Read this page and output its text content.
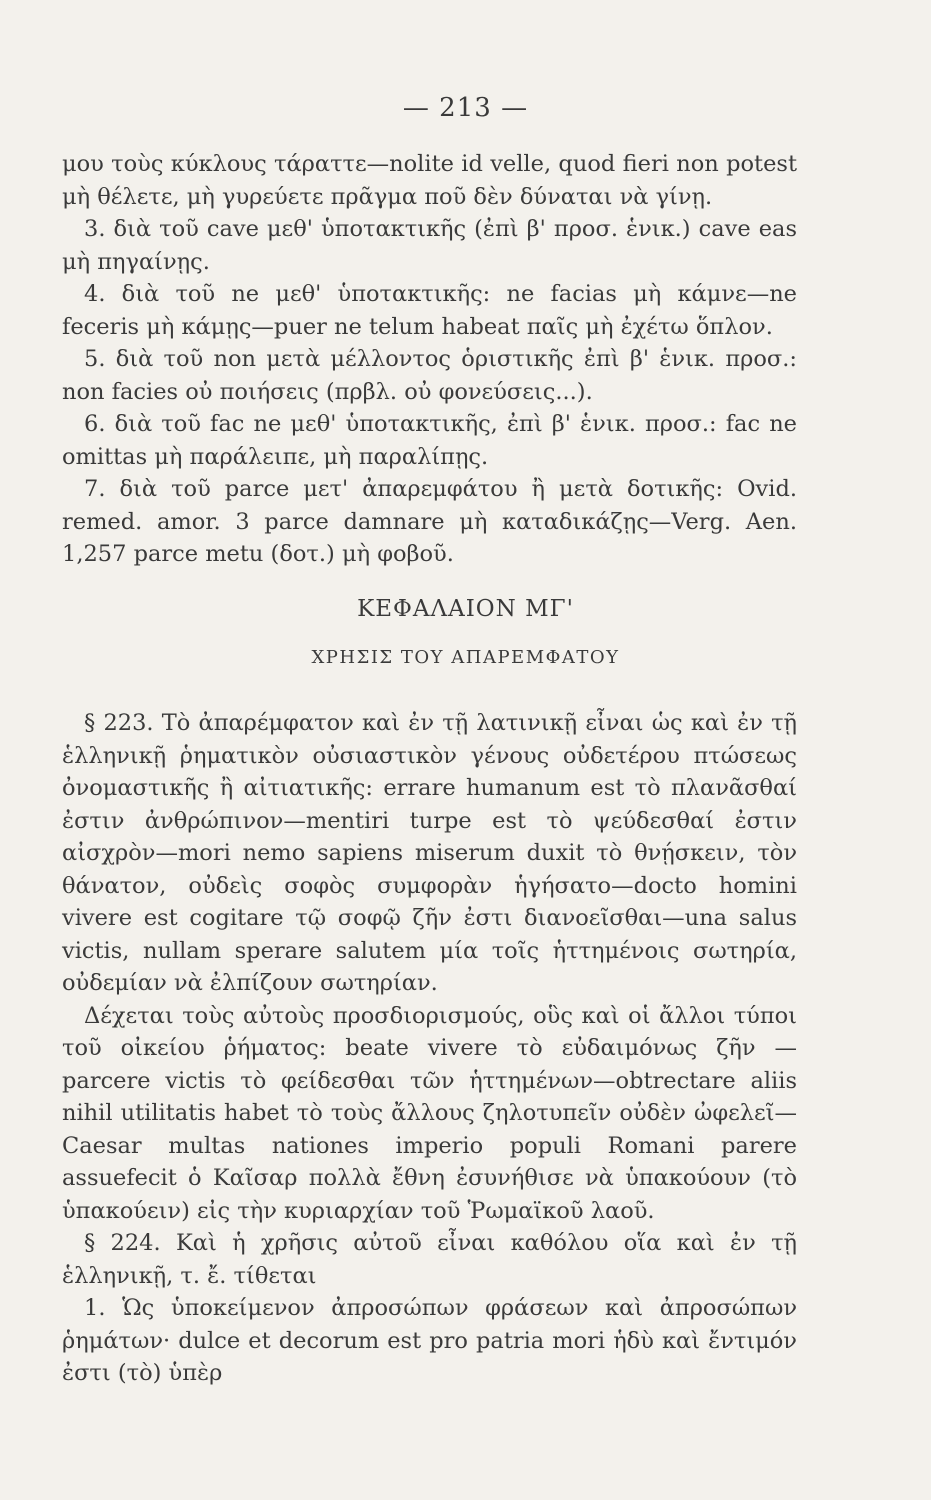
— 213 —

μου τοὺς κύκλους τάραττε—nolite id velle, quod fieri non potest μὴ θέλετε, μὴ γυρεύετε πρᾶγμα ποῦ δὲν δύναται νὰ γίνῃ.

3. διὰ τοῦ cave μεθ' ὑποτακτικῆς (ἐπὶ β' προσ. ἑνικ.) cave eas μὴ πηγαίνῃς.

4. διὰ τοῦ ne μεθ' ὑποτακτικῆς: ne facias μὴ κάμνε—ne feceris μὴ κάμῃς—puer ne telum habeat παῖς μὴ ἐχέτω ὅπλον.

5. διὰ τοῦ non μετὰ μέλλοντος ὁριστικῆς ἐπὶ β' ἑνικ. προσ.: non facies οὐ ποιήσεις (πρβλ. οὐ φονεύσεις...).

6. διὰ τοῦ fac ne μεθ' ὑποτακτικῆς, ἐπὶ β' ἑνικ. προσ.: fac ne omittas μὴ παράλειπε, μὴ παραλίπῃς.

7. διὰ τοῦ parce μετ' ἀπαρεμφάτου ἢ μετὰ δοτικῆς: Ovid. remed. amor. 3 parce damnare μὴ καταδικάζῃς—Verg. Aen. 1,257 parce metu (δοτ.) μὴ φοβοῦ.

ΚΕΦΑΛΑΙΟΝ ΜΓ'
ΧΡΗΣΙΣ ΤΟΥ ΑΠΑΡΕΜΦΑΤΟΥ

§ 223. Τὸ ἀπαρέμφατον καὶ ἐν τῇ λατινικῇ εἶναι ὡς καὶ ἐν τῇ ἑλληνικῇ ῥηματικὸν οὐσιαστικὸν γένους οὐδετέρου πτώσεως ὀνομαστικῆς ἢ αἰτιατικῆς: errare humanum est τὸ πλανᾶσθαί ἐστιν ἀνθρώπινον—mentiri turpe est τὸ ψεύδεσθαί ἐστιν αἰσχρὸν—mori nemo sapiens miserum duxit τὸ θνῄσκειν, τὸν θάνατον, οὐδεὶς σοφὸς συμφορὰν ἡγήσατο—docto homini vivere est cogitare τῷ σοφῷ ζῆν ἐστι διανοεῖσθαι—una salus victis, nullam sperare salutem μία τοῖς ἡττημένοις σωτηρία, οὐδεμίαν νὰ ἐλπίζουν σωτηρίαν.

Δέχεται τοὺς αὐτοὺς προσδιορισμούς, οὓς καὶ οἱ ἄλλοι τύποι τοῦ οἰκείου ῥήματος: beate vivere τὸ εὐδαιμόνως ζῆν — parcere victis τὸ φείδεσθαι τῶν ἡττημένων—obtrectare aliis nihil utilitatis habet τὸ τοὺς ἄλλους ζηλοτυπεῖν οὐδὲν ὠφελεῖ—Caesar multas nationes imperio populi Romani parere assuefecit ὁ Καῖσαρ πολλὰ ἔθνη ἐσυνήθισε νὰ ὑπακούουν (τὸ ὑπακούειν) εἰς τὴν κυριαρχίαν τοῦ Ῥωμαϊκοῦ λαοῦ.

§ 224. Καὶ ἡ χρῆσις αὐτοῦ εἶναι καθόλου οἵα καὶ ἐν τῇ ἑλληνικῇ, τ. ἔ. τίθεται

1. Ὡς ὑποκείμενον ἀπροσώπων φράσεων καὶ ἀπροσώπων ῥημάτων· dulce et decorum est pro patria mori ἡδὺ καὶ ἔντιμόν ἐστι (τὸ) ὑπὲρ
